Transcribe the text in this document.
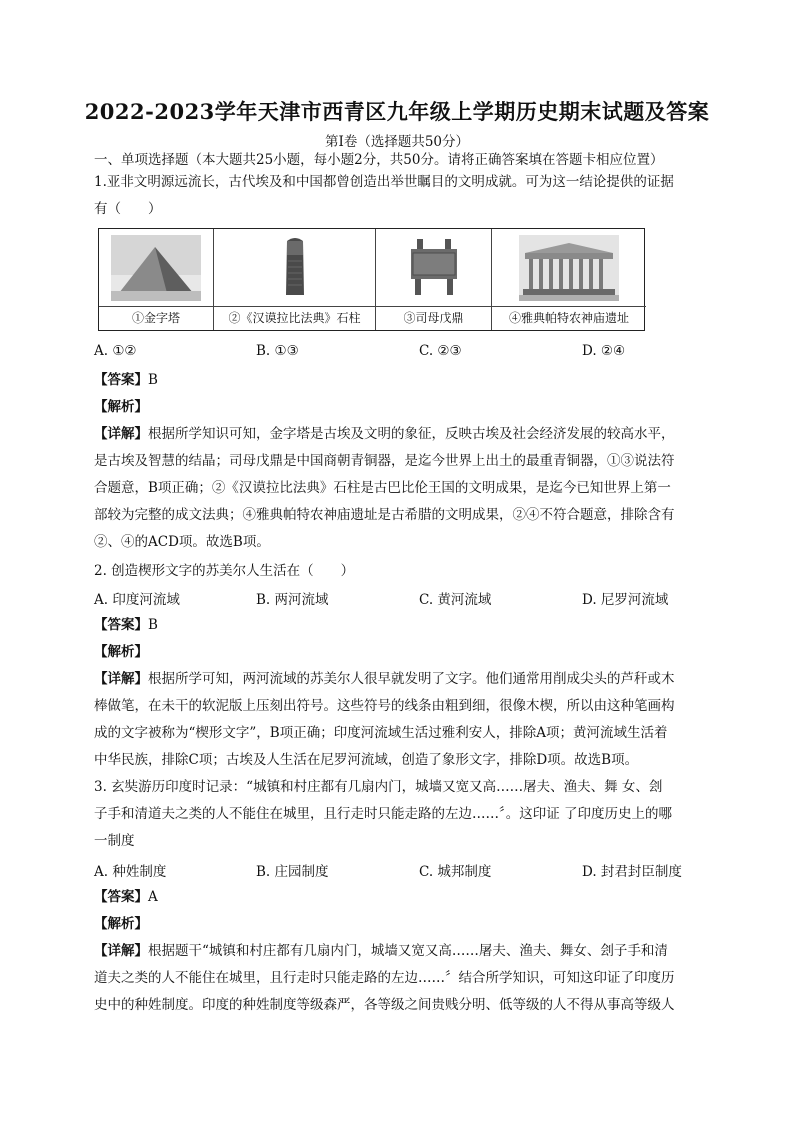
2022-2023学年天津市西青区九年级上学期历史期末试题及答案
第Ⅰ卷（选择题共50分）
一、单项选择题（本大题共25小题，每小题2分，共50分。请将正确答案填在答题卡相应位置）
1.亚非文明源远流长，古代埃及和中国都曾创造出举世瞩目的文明成就。可为这一结论提供的证据
有（　　）
①金字塔	②《汉谟拉比法典》石柱	③司母戊鼎	④雅典帕特农神庙遗址
A. ①②	B. ①③	C. ②③	D. ②④
【答案】B
【解析】
【详解】根据所学知识可知，金字塔是古埃及文明的象征，反映古埃及社会经济发展的较高水平，
是古埃及智慧的结晶；司母戊鼎是中国商朝青铜器，是迄今世界上出土的最重青铜器，①③说法符
合题意，B项正确；②《汉谟拉比法典》石柱是古巴比伦王国的文明成果，是迄今已知世界上第一
部较为完整的成文法典；④雅典帕特农神庙遗址是古希腊的文明成果，②④不符合题意，排除含有
②、④的ACD项。故选B项。
2. 创造楔形文字的苏美尔人生活在（　　）
A. 印度河流域	B. 两河流域	C. 黄河流域	D. 尼罗河流域
【答案】B
【解析】
【详解】根据所学可知，两河流域的苏美尔人很早就发明了文字。他们通常用削成尖头的芦秆或木
棒做笔，在未干的软泥版上压刻出符号。这些符号的线条由粗到细，很像木楔，所以由这种笔画构
成的文字被称为“楔形文字”，B项正确；印度河流域生活过雅利安人，排除A项；黄河流域生活着
中华民族，排除C项；古埃及人生活在尼罗河流域，创造了象形文字，排除D项。故选B项。
3. 玄奘游历印度时记录：“城镇和村庄都有几扇内门，城墙又宽又高……屠夫、渔夫、舞 女、刽
子手和清道夫之类的人不能住在城里，且行走时只能走路的左边……〞。这印证 了印度历史上的哪
一制度
A. 种姓制度	B. 庄园制度	C. 城邦制度	D. 封君封臣制度
【答案】A
【解析】
【详解】根据题干“城镇和村庄都有几扇内门，城墙又宽又高……屠夫、渔夫、舞女、刽子手和清
道夫之类的人不能住在城里，且行走时只能走路的左边……〞结合所学知识，可知这印证了印度历
史中的种姓制度。印度的种姓制度等级森严，各等级之间贵贱分明、低等级的人不得从事高等级人
